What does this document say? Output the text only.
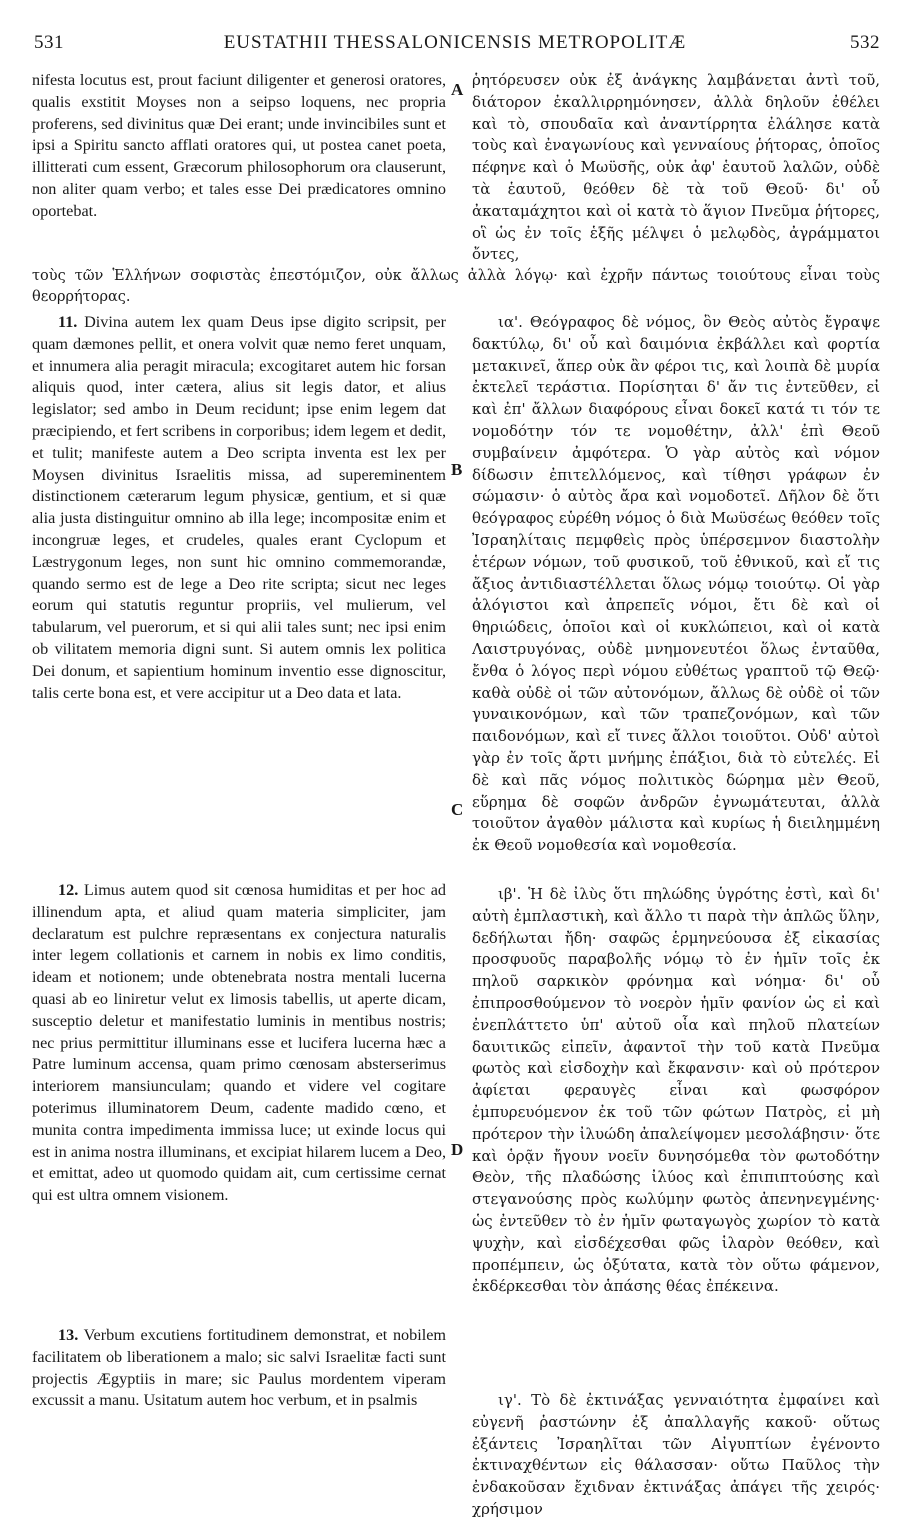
531	EUSTATHII THESSALONICENSIS METROPOLITÆ	532
A
B
C
D

nifesta locutus est, prout faciunt diligenter et generosi oratores, qualis exstitit Moyses non a seipso loquens, nec propria proferens, sed divinitus quæ Dei erant; unde invincibiles sunt et ipsi a Spiritu sancto afflati oratores qui, ut postea canet poeta, illitterati cum essent, Græcorum philosophorum ora clauserunt, non aliter quam verbo; et tales esse Dei prædicatores omnino oportebat.

ῥητόρευσεν οὐκ ἐξ ἀνάγκης λαμβάνεται ἀντὶ τοῦ, διάτορον ἐκαλλιρρημόνησεν, ἀλλὰ δηλοῦν ἐθέλει καὶ τὸ, σπουδαῖα καὶ ἀναντίρρητα ἐλάλησε κατὰ τοὺς καὶ ἐναγωνίους καὶ γενναίους ῥήτορας, ὁποῖος πέφηνε καὶ ὁ Μωϋσῆς, οὐκ ἀφ' ἑαυτοῦ λαλῶν, οὐδὲ τὰ ἑαυτοῦ, θεόθεν δὲ τὰ τοῦ Θεοῦ· δι' οὗ ἀκαταμάχητοι καὶ οἱ κατὰ τὸ ἅγιον Πνεῦμα ῥήτορες, οἳ ὡς ἐν τοῖς ἑξῆς μέλψει ὁ μελῳδὸς, ἀγράμματοι ὄντες,

τοὺς τῶν Ἑλλήνων σοφιστὰς ἐπεστόμιζον, οὐκ ἄλλως ἀλλὰ λόγῳ· καὶ ἐχρῆν πάντως τοιούτους εἶναι τοὺς θεορρήτορας.

11. Divina autem lex quam Deus ipse digito scripsit, per quam dæmones pellit, et onera volvit quæ nemo feret unquam, et innumera alia peragit miracula; excogitaret autem hic forsan aliquis quod, inter cætera, alius sit legis dator, et alius legislator; sed ambo in Deum recidunt; ipse enim legem dat præcipiendo, et fert scribens in corporibus; idem legem et dedit, et tulit; manifeste autem a Deo scripta inventa est lex per Moysen divinitus Israelitis missa, ad supereminentem distinctionem cæterarum legum physicæ, gentium, et si quæ alia justa distinguitur omnino ab illa lege; incompositæ enim et incongruæ leges, et crudeles, quales erant Cyclopum et Læstrygonum leges, non sunt hic omnino commemorandæ, quando sermo est de lege a Deo rite scripta; sicut nec leges eorum qui statutis reguntur propriis, vel mulierum, vel tabularum, vel puerorum, et si qui alii tales sunt; nec ipsi enim ob vilitatem memoria digni sunt. Si autem omnis lex politica Dei donum, et sapientium hominum inventio esse dignoscitur, talis certe bona est, et vere accipitur ut a Deo data et lata.

ια'. Θεόγραφος δὲ νόμος, ὃν Θεὸς αὐτὸς ἔγραψε δακτύλῳ, δι' οὗ καὶ δαιμόνια ἐκβάλλει καὶ φορτία μετακινεῖ, ἅπερ οὐκ ἂν φέροι τις, καὶ λοιπὰ δὲ μυρία ἐκτελεῖ τεράστια. Πορίσηται δ' ἄν τις ἐντεῦθεν, εἰ καὶ ἐπ' ἄλλων διαφόρους εἶναι δοκεῖ κατά τι τόν τε νομοδότην τόν τε νομοθέτην, ἀλλ' ἐπὶ Θεοῦ συμβαίνειν ἀμφότερα. Ὁ γὰρ αὐτὸς καὶ νόμον δίδωσιν ἐπιτελλόμενος, καὶ τίθησι γράφων ἐν σώμασιν· ὁ αὐτὸς ἄρα καὶ νομοδοτεῖ. Δῆλον δὲ ὅτι θεόγραφος εὑρέθη νόμος ὁ διὰ Μωϋσέως θεόθεν τοῖς Ἰσραηλίταις πεμφθεὶς πρὸς ὑπέρσεμνον διαστολὴν ἑτέρων νόμων, τοῦ φυσικοῦ, τοῦ ἐθνικοῦ, καὶ εἴ τις ἄξιος ἀντιδιαστέλλεται ὅλως νόμῳ τοιούτῳ. Οἱ γὰρ ἀλόγιστοι καὶ ἀπρεπεῖς νόμοι, ἔτι δὲ καὶ οἱ θηριώδεις, ὁποῖοι καὶ οἱ κυκλώπειοι, καὶ οἱ κατὰ Λαιστρυγόνας, οὐδὲ μνημονευτέοι ὅλως ἐνταῦθα, ἔνθα ὁ λόγος περὶ νόμου εὐθέτως γραπτοῦ τῷ Θεῷ· καθὰ οὐδὲ οἱ τῶν αὐτονόμων, ἄλλως δὲ οὐδὲ οἱ τῶν γυναικονόμων, καὶ τῶν τραπεζονόμων, καὶ τῶν παιδονόμων, καὶ εἴ τινες ἄλλοι τοιοῦτοι. Οὐδ' αὐτοὶ γὰρ ἐν τοῖς ἄρτι μνήμης ἐπάξιοι, διὰ τὸ εὐτελές. Εἰ δὲ καὶ πᾶς νόμος πολιτικὸς δώρημα μὲν Θεοῦ, εὕρημα δὲ σοφῶν ἀνδρῶν ἐγνωμάτευται, ἀλλὰ τοιοῦτον ἀγαθὸν μάλιστα καὶ κυρίως ἡ διειλημμένη ἐκ Θεοῦ νομοθεσία καὶ νομοθεσία.

12. Limus autem quod sit cœnosa humiditas et per hoc ad illinendum apta, et aliud quam materia simpliciter, jam declaratum est pulchre repræsentans ex conjectura naturalis inter legem collationis et carnem in nobis ex limo conditis, ideam et notionem; unde obtenebrata nostra mentali lucerna quasi ab eo liniretur velut ex limosis tabellis, ut aperte dicam, susceptio deletur et manifestatio luminis in mentibus nostris; nec prius permittitur illuminans esse et lucifera lucerna hæc a Patre luminum accensa, quam primo cœnosam absterserimus interiorem mansiunculam; quando et videre vel cogitare poterimus illuminatorem Deum, cadente madido cœno, et munita contra impedimenta immissa luce; ut exinde locus qui est in anima nostra illuminans, et excipiat hilarem lucem a Deo, et emittat, adeo ut quomodo quidam ait, cum certissime cernat qui est ultra omnem visionem.

ιβ'. Ἡ δὲ ἰλὺς ὅτι πηλώδης ὑγρότης ἐστὶ, καὶ δι' αὐτὴ ἐμπλαστικὴ, καὶ ἄλλο τι παρὰ τὴν ἁπλῶς ὕλην, δεδήλωται ἤδη· σαφῶς ἑρμηνεύουσα ἐξ εἰκασίας προσφυοῦς παραβολῆς νόμῳ τὸ ἐν ἡμῖν τοῖς ἐκ πηλοῦ σαρκικὸν φρόνημα καὶ νόημα· δι' οὗ ἐπιπροσθούμενον τὸ νοερὸν ἡμῖν φανίον ὡς εἰ καὶ ἐνεπλάττετο ὑπ' αὐτοῦ οἷα καὶ πηλοῦ πλατείων δαυιτικῶς εἰπεῖν, ἀφαντοῖ τὴν τοῦ κατὰ Πνεῦμα φωτὸς καὶ εἰσδοχὴν καὶ ἔκφανσιν· καὶ οὐ πρότερον ἀφίεται φεραυγὲς εἶναι καὶ φωσφόρον ἐμπυρευόμενον ἐκ τοῦ τῶν φώτων Πατρὸς, εἰ μὴ πρότερον τὴν ἰλυώδη ἀπαλείψομεν μεσολάβησιν· ὅτε καὶ ὁρᾷν ἤγουν νοεῖν δυνησόμεθα τὸν φωτοδότην Θεὸν, τῆς πλαδώσης ἰλύος καὶ ἐπιπιπτούσης καὶ στεγανούσης πρὸς κωλύμην φωτὸς ἀπενηνεγμένης· ὡς ἐντεῦθεν τὸ ἐν ἡμῖν φωταγωγὸς χωρίον τὸ κατὰ ψυχὴν, καὶ εἰσδέχεσθαι φῶς ἱλαρὸν θεόθεν, καὶ προπέμπειν, ὡς ὀξύτατα, κατὰ τὸν οὕτω φάμενον, ἐκδέρκεσθαι τὸν ἁπάσης θέας ἐπέκεινα.

13. Verbum excutiens fortitudinem demonstrat, et nobilem facilitatem ob liberationem a malo; sic salvi Israelitæ facti sunt projectis Ægyptiis in mare; sic Paulus mordentem viperam excussit a manu. Usitatum autem hoc verbum, et in psalmis	ιγ'. Τὸ δὲ ἐκτινάξας γενναιότητα ἐμφαίνει καὶ εὐγενῆ ῥαστώνην ἐξ ἀπαλλαγῆς κακοῦ· οὕτως ἐξάντεις Ἰσραηλῖται τῶν Αἰγυπτίων ἐγένοντο ἐκτιναχθέντων εἰς θάλασσαν· οὕτω Παῦλος τὴν ἐνδακοῦσαν ἔχιδναν ἐκτινάξας ἀπάγει τῆς χειρός· χρήσιμον
